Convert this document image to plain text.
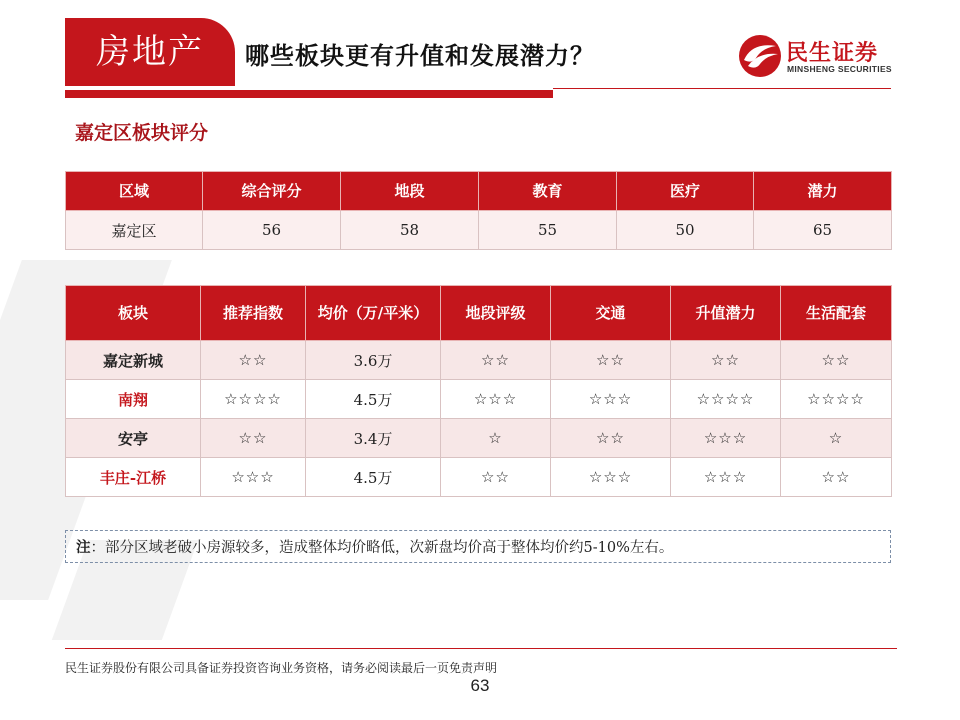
房地产	哪些板块更有升值和发展潜力？	民生证券
MINSHENG SECURITIES
嘉定区板块评分
区域	综合评分	地段	教育	医疗	潜力
嘉定区	56	58	55	50	65
板块	推荐指数	均价（万/平米）	地段评级	交通	升值潜力	生活配套
嘉定新城	☆☆	3.6万	☆☆	☆☆	☆☆	☆☆
南翔	☆☆☆☆	4.5万	☆☆☆	☆☆☆	☆☆☆☆	☆☆☆☆
安亭	☆☆	3.4万	☆	☆☆	☆☆☆	☆
丰庄-江桥	☆☆☆	4.5万	☆☆	☆☆☆	☆☆☆	☆☆
注：部分区域老破小房源较多，造成整体均价略低，次新盘均价高于整体均价约5-10%左右。
民生证券股份有限公司具备证券投资咨询业务资格，请务必阅读最后一页免责声明
63
